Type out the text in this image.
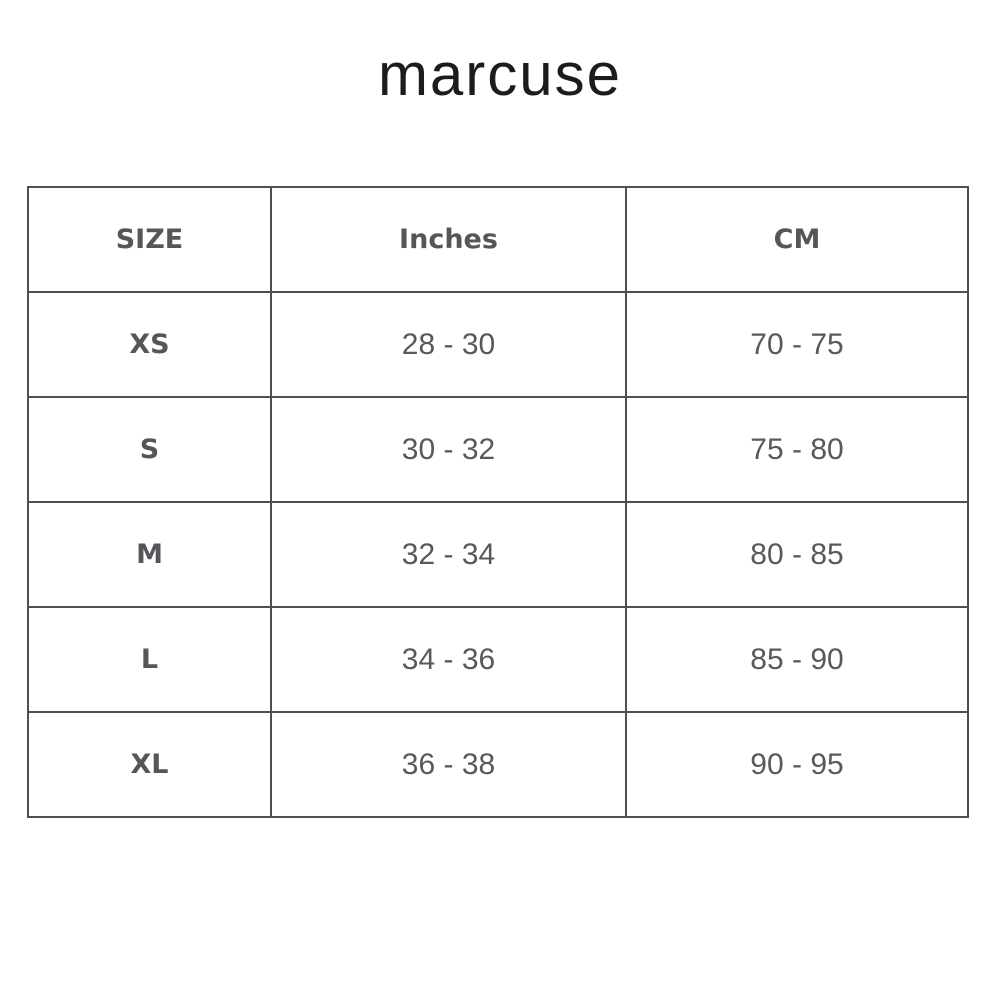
marcuse
SIZE	Inches	CM
XS	28 - 30	70 - 75
S	30 - 32	75 - 80
M	32 - 34	80 - 85
L	34 - 36	85 - 90
XL	36 - 38	90 - 95
